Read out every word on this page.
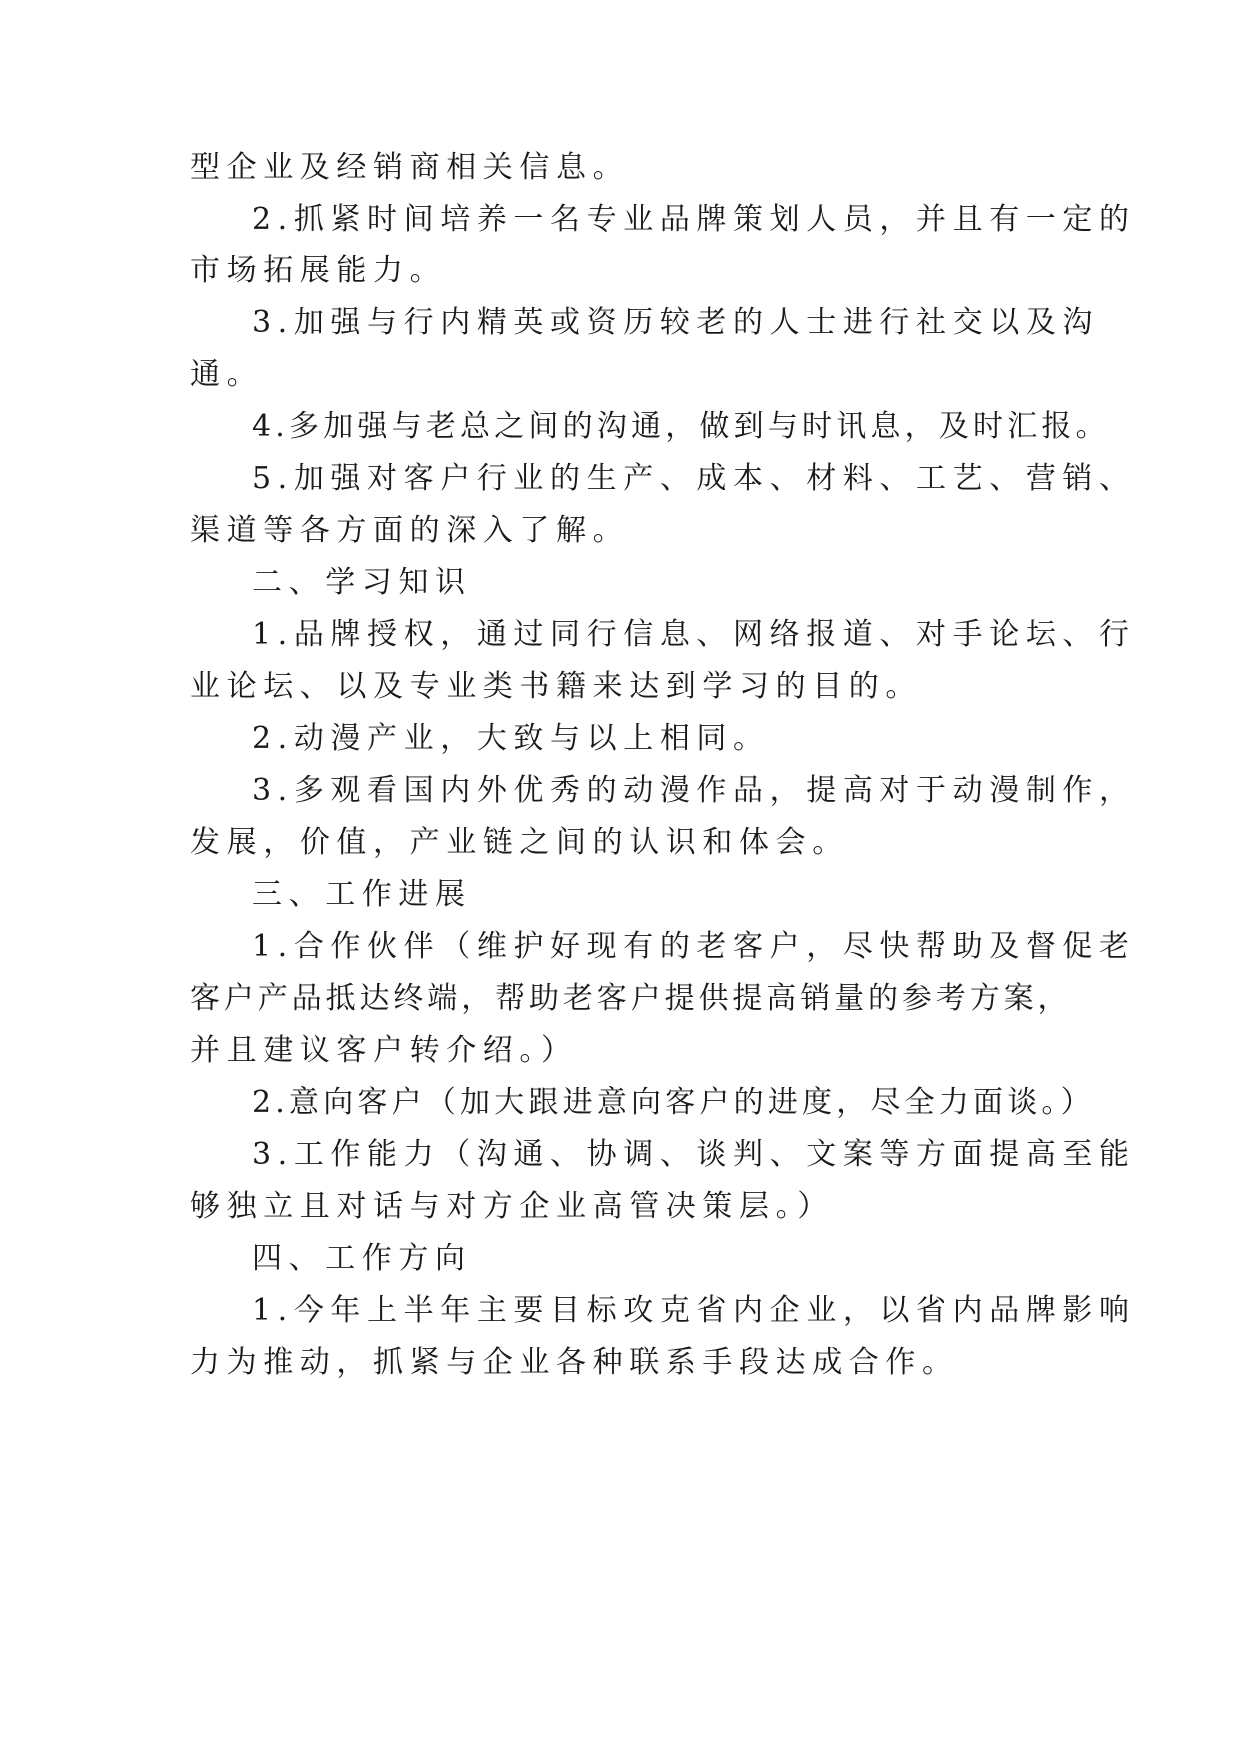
型企业及经销商相关信息。
2.抓紧时间培养一名专业品牌策划人员，并且有一定的
市场拓展能力。
3.加强与行内精英或资历较老的人士进行社交以及沟
通。
4.多加强与老总之间的沟通，做到与时讯息，及时汇报。
5.加强对客户行业的生产、成本、材料、工艺、营销、
渠道等各方面的深入了解。
二、学习知识
1.品牌授权，通过同行信息、网络报道、对手论坛、行
业论坛、以及专业类书籍来达到学习的目的。
2.动漫产业，大致与以上相同。
3.多观看国内外优秀的动漫作品，提高对于动漫制作，
发展，价值，产业链之间的认识和体会。
三、工作进展
1.合作伙伴（维护好现有的老客户，尽快帮助及督促老
客户产品抵达终端，帮助老客户提供提高销量的参考方案，
并且建议客户转介绍。）
2.意向客户（加大跟进意向客户的进度，尽全力面谈。）
3.工作能力（沟通、协调、谈判、文案等方面提高至能
够独立且对话与对方企业高管决策层。）
四、工作方向
1.今年上半年主要目标攻克省内企业，以省内品牌影响
力为推动，抓紧与企业各种联系手段达成合作。
